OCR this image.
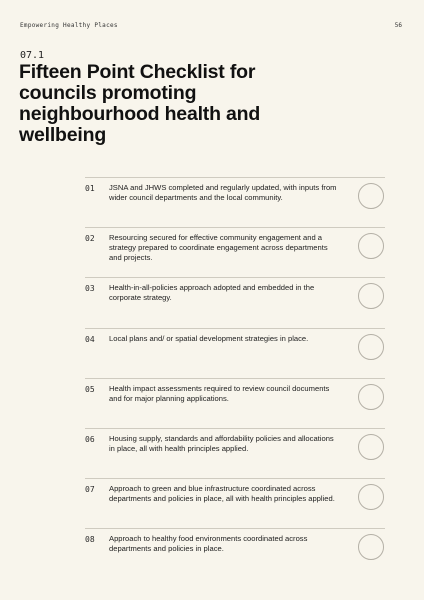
Empowering Healthy Places	56
07.1
Fifteen Point Checklist for councils promoting neighbourhood health and wellbeing
01 JSNA and JHWS completed and regularly updated, with inputs from wider council departments and the local community.
02 Resourcing secured for effective community engagement and a strategy prepared to coordinate engagement across departments and projects.
03 Health-in-all-policies approach adopted and embedded in the corporate strategy.
04 Local plans and/ or spatial development strategies in place.
05 Health impact assessments required to review council documents and for major planning applications.
06 Housing supply, standards and affordability policies and allocations in place, all with health principles applied.
07 Approach to green and blue infrastructure coordinated across departments and policies in place, all with health principles applied.
08 Approach to healthy food environments coordinated across departments and policies in place.
